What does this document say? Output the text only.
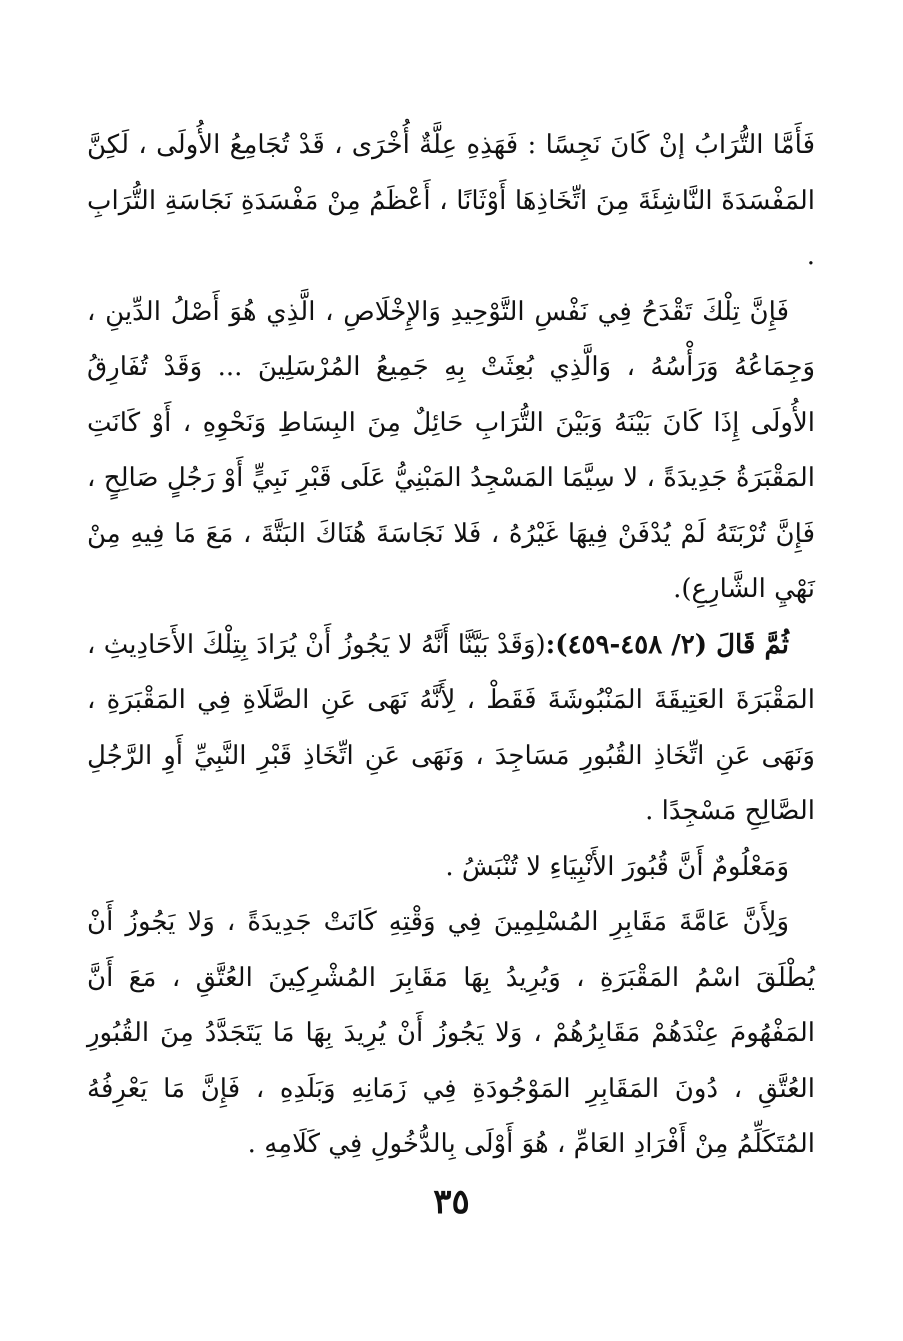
فَأَمَّا التُّرَابُ إنْ كَانَ نَجِسًا : فَهَذِهِ عِلَّةٌ أُخْرَى ، قَدْ تُجَامِعُ الأُولَى ، لَكِنَّ المَفْسَدَةَ النَّاشِئَةَ مِنَ اتِّخَاذِهَا أَوْثَانًا ، أَعْظَمُ مِنْ مَفْسَدَةِ نَجَاسَةِ التُّرَابِ .

فَإِنَّ تِلْكَ تَقْدَحُ فِي نَفْسِ التَّوْحِيدِ وَالإِخْلَاصِ ، الَّذِي هُوَ أَصْلُ الدِّينِ ، وَجِمَاعُهُ وَرَأْسُهُ ، وَالَّذِي بُعِثَتْ بِهِ جَمِيعُ المُرْسَلِينَ ... وَقَدْ تُفَارِقُ الأُولَى إِذَا كَانَ بَيْنَهُ وَبَيْنَ التُّرَابِ حَائِلٌ مِنَ البِسَاطِ وَنَحْوِهِ ، أَوْ كَانَتِ المَقْبَرَةُ جَدِيدَةً ، لا سِيَّمَا المَسْجِدُ المَبْنِيُّ عَلَى قَبْرِ نَبِيٍّ أَوْ رَجُلٍ صَالِحٍ ، فَإِنَّ تُرْبَتَهُ لَمْ يُدْفَنْ فِيهَا غَيْرُهُ ، فَلا نَجَاسَةَ هُنَاكَ البَتَّةَ ، مَعَ مَا فِيهِ مِنْ نَهْيِ الشَّارِعِ).

ثُمَّ قَالَ (٢/ ٤٥٨-٤٥٩):(وَقَدْ بَيَّنَّا أَنَّهُ لا يَجُوزُ أَنْ يُرَادَ بِتِلْكَ الأَحَادِيثِ ، المَقْبَرَةَ العَتِيقَةَ المَنْبُوشَةَ فَقَطْ ، لِأَنَّهُ نَهَى عَنِ الصَّلَاةِ فِي المَقْبَرَةِ ، وَنَهَى عَنِ اتِّخَاذِ القُبُورِ مَسَاجِدَ ، وَنَهَى عَنِ اتِّخَاذِ قَبْرِ النَّبِيِّ أَوِ الرَّجُلِ الصَّالِحِ مَسْجِدًا .

وَمَعْلُومٌ أَنَّ قُبُورَ الأَنْبِيَاءِ لا تُنْبَشُ .

وَلِأَنَّ عَامَّةَ مَقَابِرِ المُسْلِمِينَ فِي وَقْتِهِ كَانَتْ جَدِيدَةً ، وَلا يَجُوزُ أَنْ يُطْلَقَ اسْمُ المَقْبَرَةِ ، وَيُرِيدُ بِهَا مَقَابِرَ المُشْرِكِينَ العُتَّقِ ، مَعَ أَنَّ المَفْهُومَ عِنْدَهُمْ مَقَابِرُهُمْ ، وَلا يَجُوزُ أَنْ يُرِيدَ بِهَا مَا يَتَجَدَّدُ مِنَ القُبُورِ العُتَّقِ ، دُونَ المَقَابِرِ المَوْجُودَةِ فِي زَمَانِهِ وَبَلَدِهِ ، فَإِنَّ مَا يَعْرِفُهُ المُتَكَلِّمُ مِنْ أَفْرَادِ العَامِّ ، هُوَ أَوْلَى بِالدُّخُولِ فِي كَلَامِهِ .

٣٥
